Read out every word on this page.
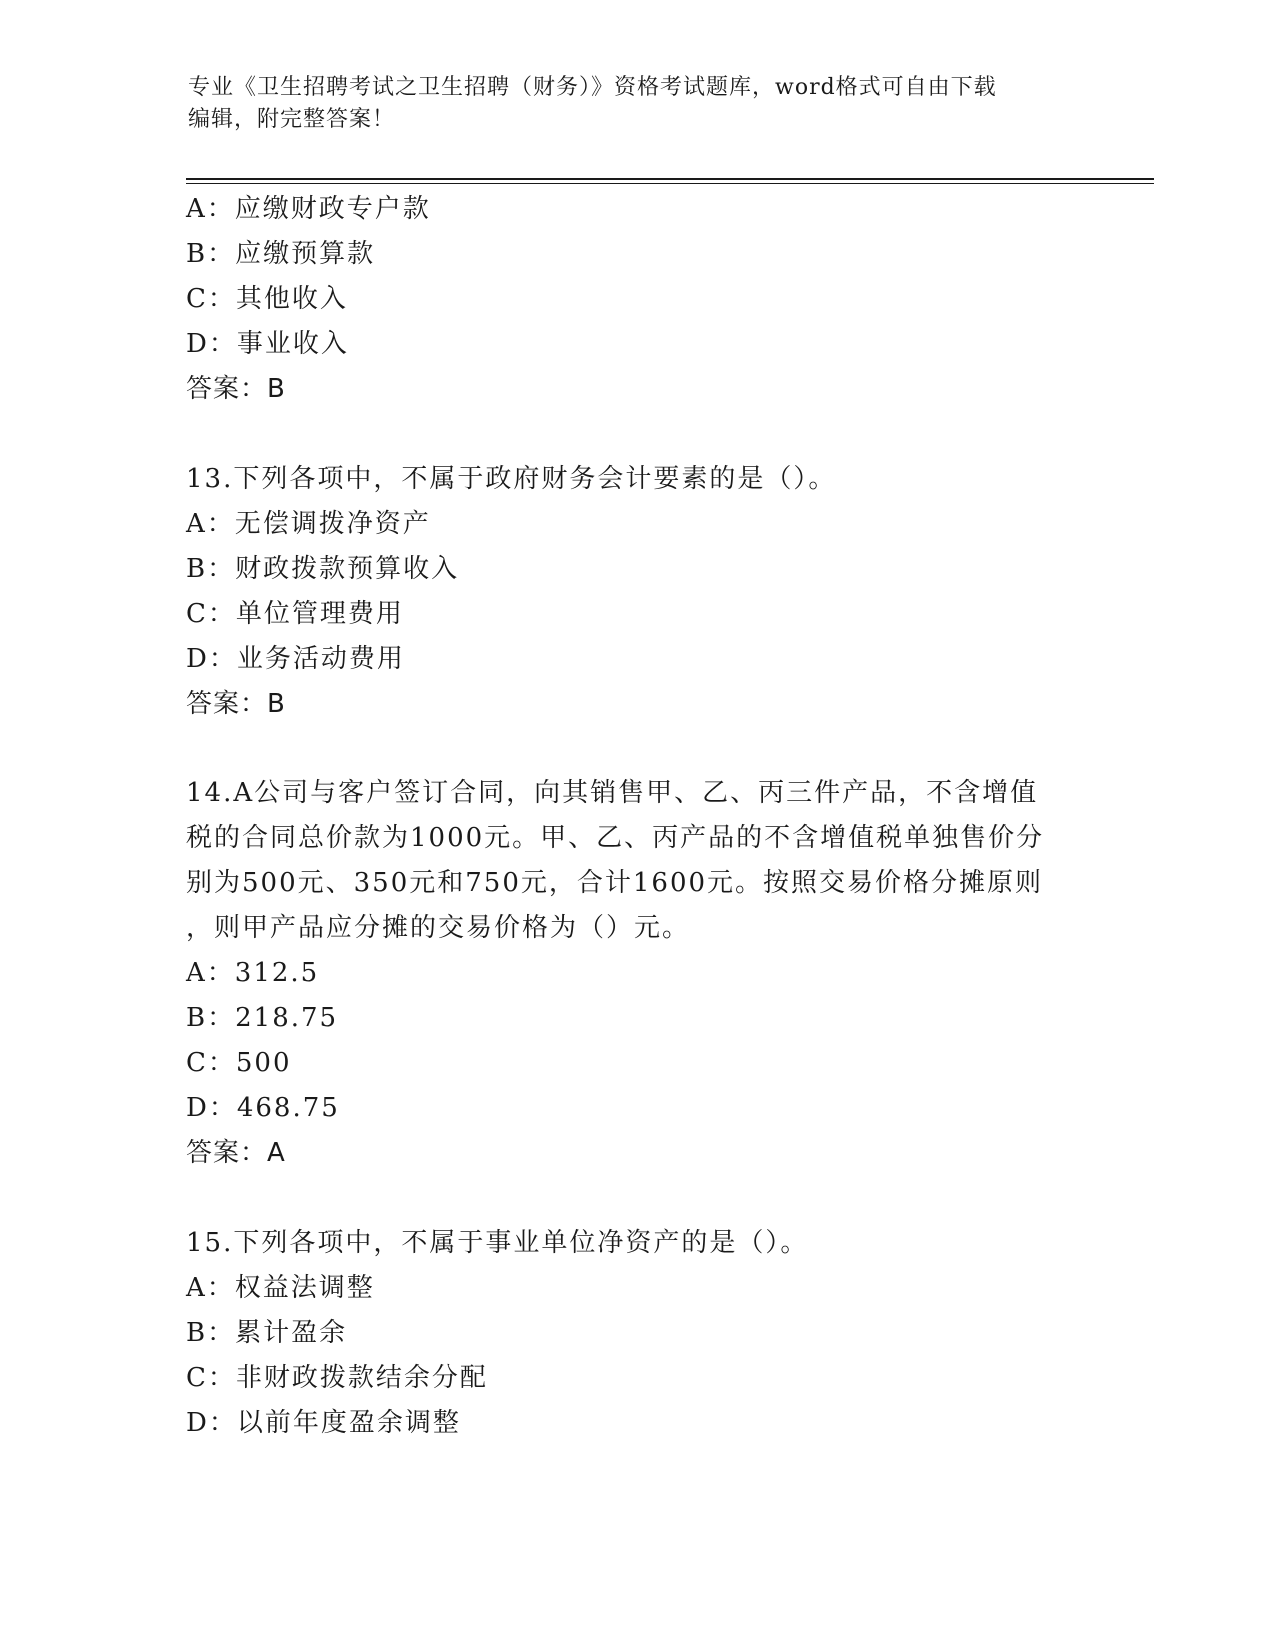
专业《卫生招聘考试之卫生招聘（财务）》资格考试题库，word格式可自由下载
编辑，附完整答案！
A：应缴财政专户款
B：应缴预算款
C：其他收入
D：事业收入
答案：B
13.下列各项中，不属于政府财务会计要素的是（）。
A：无偿调拨净资产
B：财政拨款预算收入
C：单位管理费用
D：业务活动费用
答案：B
14.A公司与客户签订合同，向其销售甲、乙、丙三件产品，不含增值
税的合同总价款为1000元。甲、乙、丙产品的不含增值税单独售价分
别为500元、350元和750元，合计1600元。按照交易价格分摊原则
，则甲产品应分摊的交易价格为（）元。
A：312.5
B：218.75
C：500
D：468.75
答案：A
15.下列各项中，不属于事业单位净资产的是（）。
A：权益法调整
B：累计盈余
C：非财政拨款结余分配
D：以前年度盈余调整
